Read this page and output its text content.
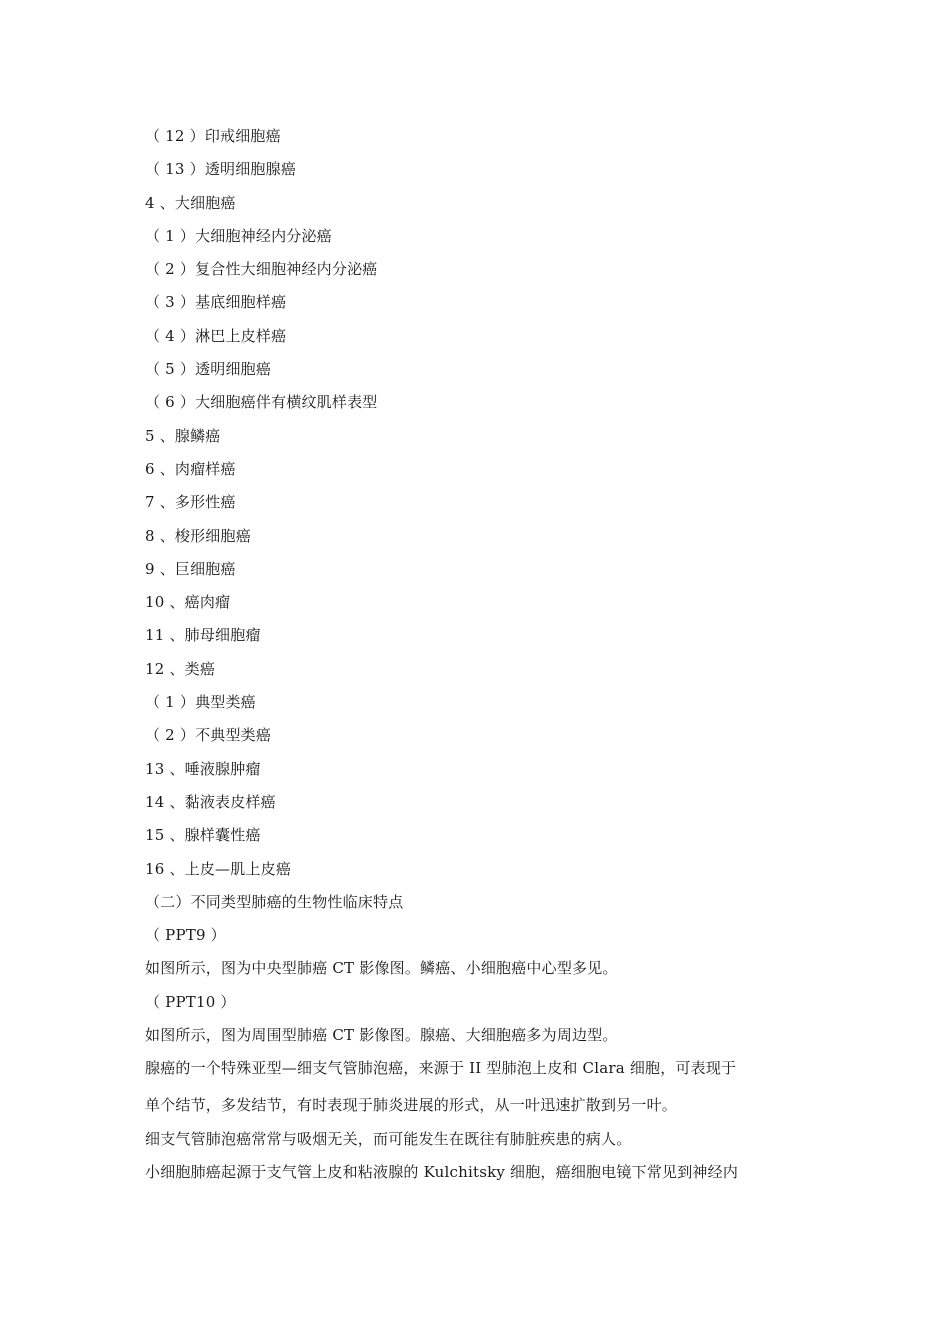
（ 12 ）印戒细胞癌
（ 13 ）透明细胞腺癌
4 、大细胞癌
（ 1 ）大细胞神经内分泌癌
（ 2 ）复合性大细胞神经内分泌癌
（ 3 ）基底细胞样癌
（ 4 ）淋巴上皮样癌
（ 5 ）透明细胞癌
（ 6 ）大细胞癌伴有横纹肌样表型
5 、腺鳞癌
6 、肉瘤样癌
7 、多形性癌
8 、梭形细胞癌
9 、巨细胞癌
10 、癌肉瘤
11 、肺母细胞瘤
12 、类癌
（ 1 ）典型类癌
（ 2 ）不典型类癌
13 、唾液腺肿瘤
14 、黏液表皮样癌
15 、腺样囊性癌
16 、上皮—肌上皮癌
（二）不同类型肺癌的生物性临床特点
（ PPT9 ）
如图所示，图为中央型肺癌 CT 影像图。鳞癌、小细胞癌中心型多见。
（ PPT10 ）
如图所示，图为周围型肺癌 CT 影像图。腺癌、大细胞癌多为周边型。
腺癌的一个特殊亚型—细支气管肺泡癌，来源于 II 型肺泡上皮和 Clara 细胞，可表现于
单个结节，多发结节，有时表现于肺炎进展的形式，从一叶迅速扩散到另一叶。
细支气管肺泡癌常常与吸烟无关，而可能发生在既往有肺脏疾患的病人。
小细胞肺癌起源于支气管上皮和粘液腺的 Kulchitsky 细胞，癌细胞电镜下常见到神经内
